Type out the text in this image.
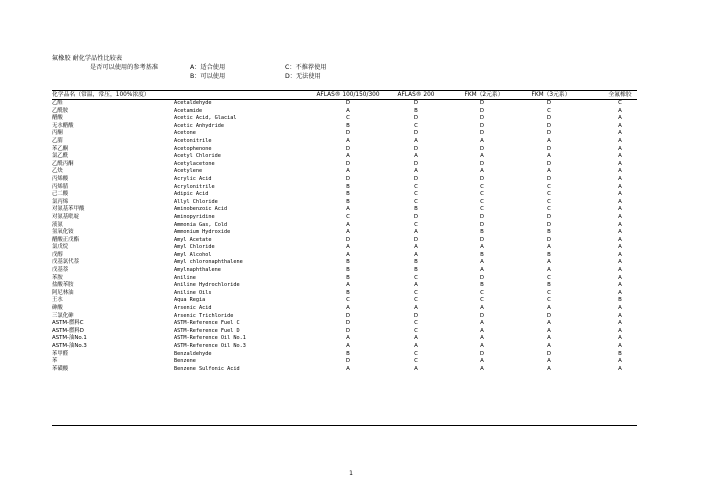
氟橡胶 耐化学品性比较表
是否可以使用的参考基准	A：适合使用	C：不推荐使用
B：可以使用	D：无法使用
化学品名（常温，常压，100%浓度）	AFLAS® 100/150/300	AFLAS® 200	FKM（2元系）	FKM（3元系）	全氟橡胶
乙醛	Acetaldehyde	D	D	D	D	C
乙酰胺	Acetamide	A	B	D	C	A
醋酸	Acetic Acid, Glacial	C	D	D	D	A
无水醋酸	Acetic Anhydride	B	C	D	D	A
丙酮	Acetone	D	D	D	D	A
乙腈	Acetonitrile	A	A	A	A	A
苯乙酮	Acetophenone	D	D	D	D	A
氯乙酰	Acetyl Chloride	A	A	A	A	A
乙酰丙酮	Acetylacetone	D	D	D	D	A
乙炔	Acetylene	A	A	A	A	A
丙烯酸	Acrylic Acid	D	D	D	D	A
丙烯腈	Acrylonitrile	B	C	C	C	A
己二酸	Adipic Acid	B	C	C	C	A
氯丙烯	Allyl Chloride	B	C	C	C	A
对氨基苯甲酸	Aminobenzoic Acid	A	B	C	C	A
对氨基吡啶	Aminopyridine	C	D	D	D	A
液氨	Ammonia Gas, Cold	A	C	D	D	A
氢氧化铵	Ammonium Hydroxide	A	A	B	B	A
醋酸正戊酯	Amyl Acetate	D	D	D	D	A
氯戊烷	Amyl Chloride	A	A	A	A	A
戊醇	Amyl Alcohol	A	A	B	B	A
戊基氯代萘	Amyl chloronaphthalene	B	B	A	A	A
戊基萘	Amylnaphthalene	B	B	A	A	A
苯胺	Aniline	B	C	D	C	A
盐酸苯胺	Aniline Hydrochloride	A	A	B	B	A
阿尼林油	Aniline Oils	B	C	C	C	A
王水	Aqua Regia	C	C	C	C	B
砷酸	Arsenic Acid	A	A	A	A	A
三氯化砷	Arsenic Trichloride	D	D	D	D	A
ASTM-燃料C	ASTM-Reference Fuel C	D	C	A	A	A
ASTM-燃料D	ASTM-Reference Fuel D	D	C	A	A	A
ASTM-油No.1	ASTM-Reference Oil No.1	A	A	A	A	A
ASTM-油No.3	ASTM-Reference Oil No.3	A	A	A	A	A
苯甲醛	Benzaldehyde	B	C	D	D	B
苯	Benzene	D	C	A	A	A
苯磺酸	Benzene Sulfonic Acid	A	A	A	A	A
1
